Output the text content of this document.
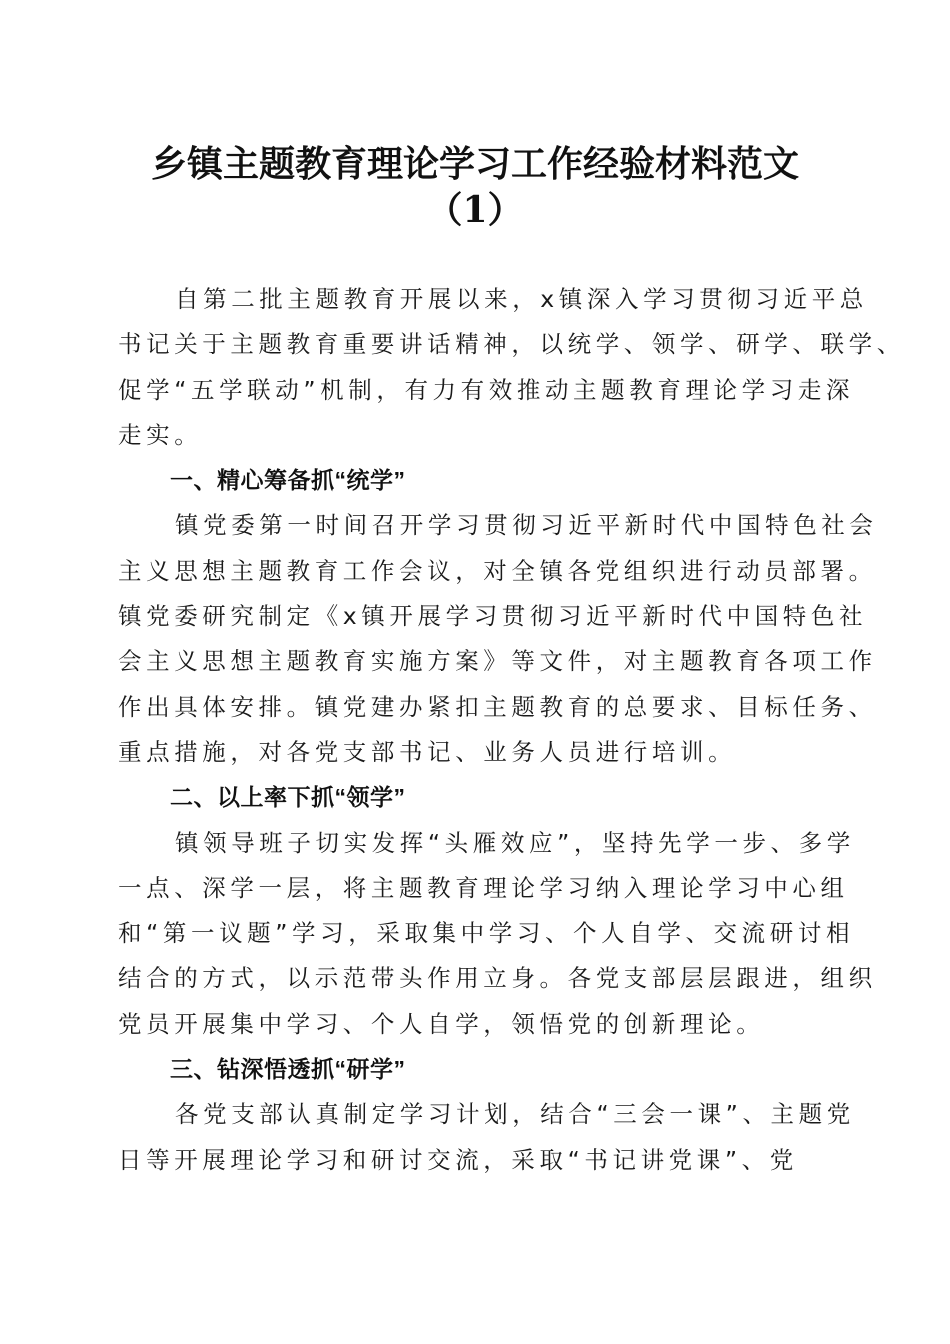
乡镇主题教育理论学习工作经验材料范文
（1）
自第二批主题教育开展以来，x镇深入学习贯彻习近平总
书记关于主题教育重要讲话精神，以统学、领学、研学、联学、
促学“五学联动”机制，有力有效推动主题教育理论学习走深
走实。
一、精心筹备抓“统学”
镇党委第一时间召开学习贯彻习近平新时代中国特色社会
主义思想主题教育工作会议，对全镇各党组织进行动员部署。
镇党委研究制定《x镇开展学习贯彻习近平新时代中国特色社
会主义思想主题教育实施方案》等文件，对主题教育各项工作
作出具体安排。镇党建办紧扣主题教育的总要求、目标任务、
重点措施，对各党支部书记、业务人员进行培训。
二、以上率下抓“领学”
镇领导班子切实发挥“头雁效应”，坚持先学一步、多学
一点、深学一层，将主题教育理论学习纳入理论学习中心组
和“第一议题”学习，采取集中学习、个人自学、交流研讨相
结合的方式，以示范带头作用立身。各党支部层层跟进，组织
党员开展集中学习、个人自学，领悟党的创新理论。
三、钻深悟透抓“研学”
各党支部认真制定学习计划，结合“三会一课”、主题党
日等开展理论学习和研讨交流，采取“书记讲党课”、党
